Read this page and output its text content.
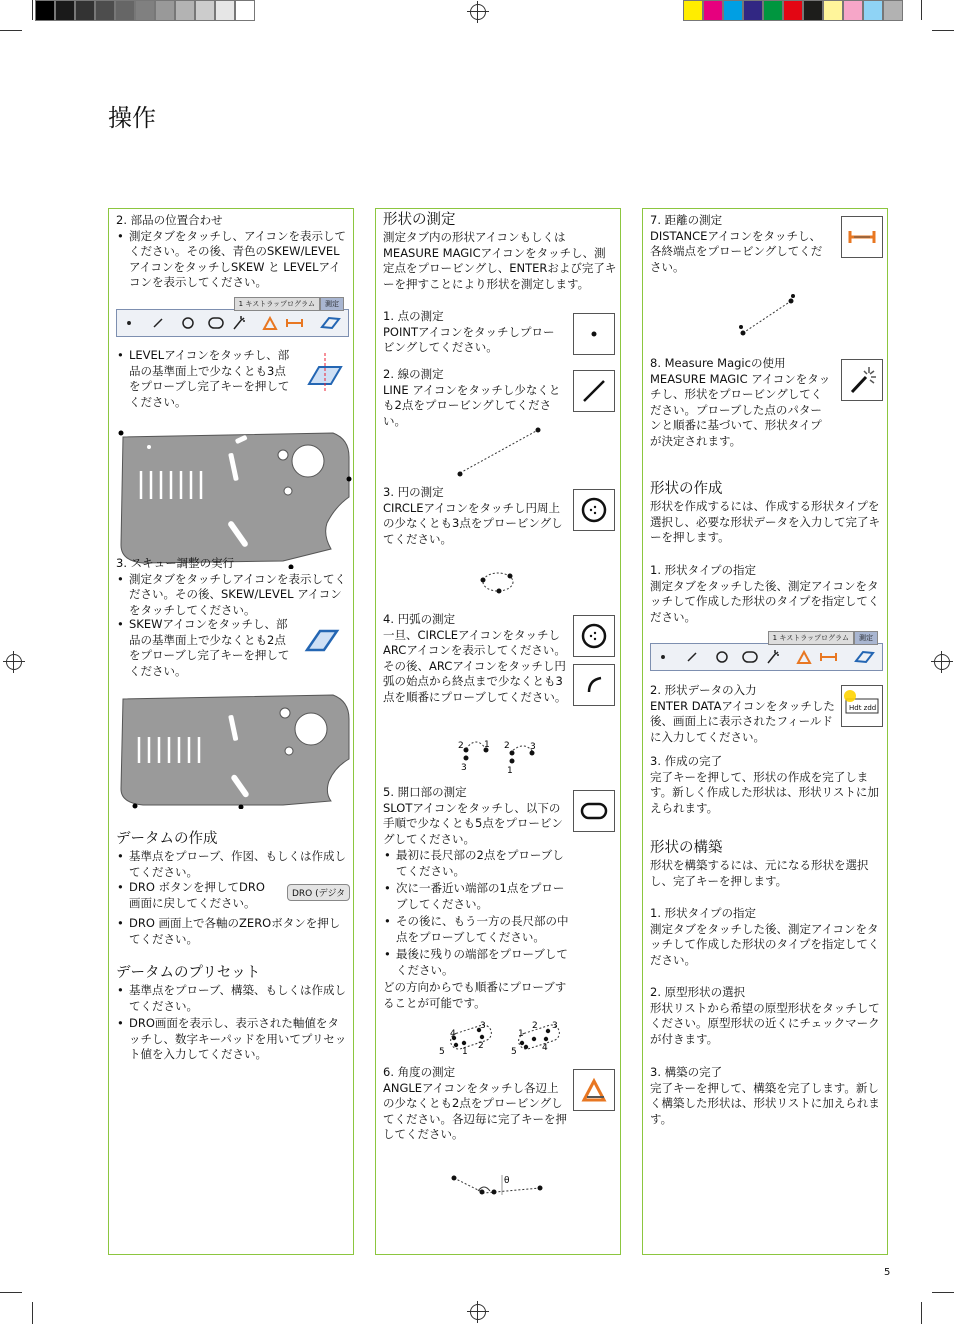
操作
2. 部品の位置合わせ
• 測定タブをタッチし、アイコンを表示してください。その後、青色のSKEW/LEVELアイコンをタッチしSKEW と LEVELアイコンを表示してください。
1 キストラップログラム 測定
• LEVELアイコンをタッチし、部品の基準面上で少なくとも3点をプローブし完了キーを押してください。
3. スキュー調整の実行
• 測定タブをタッチしアイコンを表示してください。その後、SKEW/LEVEL アイコンをタッチしてください。
• SKEWアイコンをタッチし、部品の基準面上で少なくとも2点をプローブし完了キーを押してください。
データムの作成
• 基準点をプローブ、作図、もしくは作成してください。
• DRO ボタンを押してDRO画面に戻してください。
DRO (デジタ
• DRO 画面上で各軸のZEROボタンを押してください。
データムのプリセット
• 基準点をプローブ、構築、もしくは作成してください。
• DRO画面を表示し、表示された軸値をタッチし、数字キーパッドを用いてプリセット値を入力してください。
形状の測定
測定タブ内の形状アイコンもしくはMEASURE MAGICアイコンをタッチし、測定点をプロービングし、ENTERおよび完了キーを押すことにより形状を測定します。
1. 点の測定
POINTアイコンをタッチしプロービングしてください。
2. 線の測定
LINE アイコンをタッチし少なくとも2点をプロービングしてください。
3. 円の測定
CIRCLEアイコンをタッチし円周上の少なくとも3点をプロービングしてください。
4. 円弧の測定
一旦、CIRCLEアイコンをタッチしARCアイコンを表示してください。その後、ARCアイコンをタッチし円弧の始点から終点まで少なくとも3点を順番にプローブしてください。
2 1
3
2 3
1
5. 開口部の測定
SLOTアイコンをタッチし、以下の手順で少なくとも5点をプロービングしてください。
• 最初に長尺部の2点をプローブしてください。
• 次に一番近い端部の1点をプローブしてください。
• その後に、もう一方の長尺部の中点をプローブしてください。
• 最後に残りの端部をプローブしてください。
どの方向からでも順番にプローブすることが可能です。
4
3
2
5 1
1
2 3
5	4
6. 角度の測定
ANGLEアイコンをタッチし各辺上の少なくとも2点をプロービングしてください。各辺毎に完了キーを押してください。
θ
7. 距離の測定
DISTANCEアイコンをタッチし、各終端点をプロービングしてください。
8. Measure Magicの使用
MEASURE MAGIC アイコンをタッチし、形状をプロービングしてください。プローブした点のパターンと順番に基づいて、形状タイプが決定されます。
形状の作成
形状を作成するには、作成する形状タイプを選択し、必要な形状データを入力して完了キーを押します。
1. 形状タイプの指定
測定タブをタッチした後、測定アイコンをタッチして作成した形状のタイプを指定してください。
1 キストラップログラム 測定
2. 形状データの入力
ENTER DATAアイコンをタッチした後、画面上に表示されたフィールドに入力してください。
Hdt zdd
3. 作成の完了
完了キーを押して、形状の作成を完了します。新しく作成した形状は、形状リストに加えられます。
形状の構築
形状を構築するには、元になる形状を選択し、完了キーを押します。
1. 形状タイプの指定
測定タブをタッチした後、測定アイコンをタッチして作成した形状のタイプを指定してください。
2. 原型形状の選択
形状リストから希望の原型形状をタッチしてください。原型形状の近くにチェックマークが付きます。
3. 構築の完了
完了キーを押して、構築を完了します。新しく構築した形状は、形状リストに加えられます。
5
